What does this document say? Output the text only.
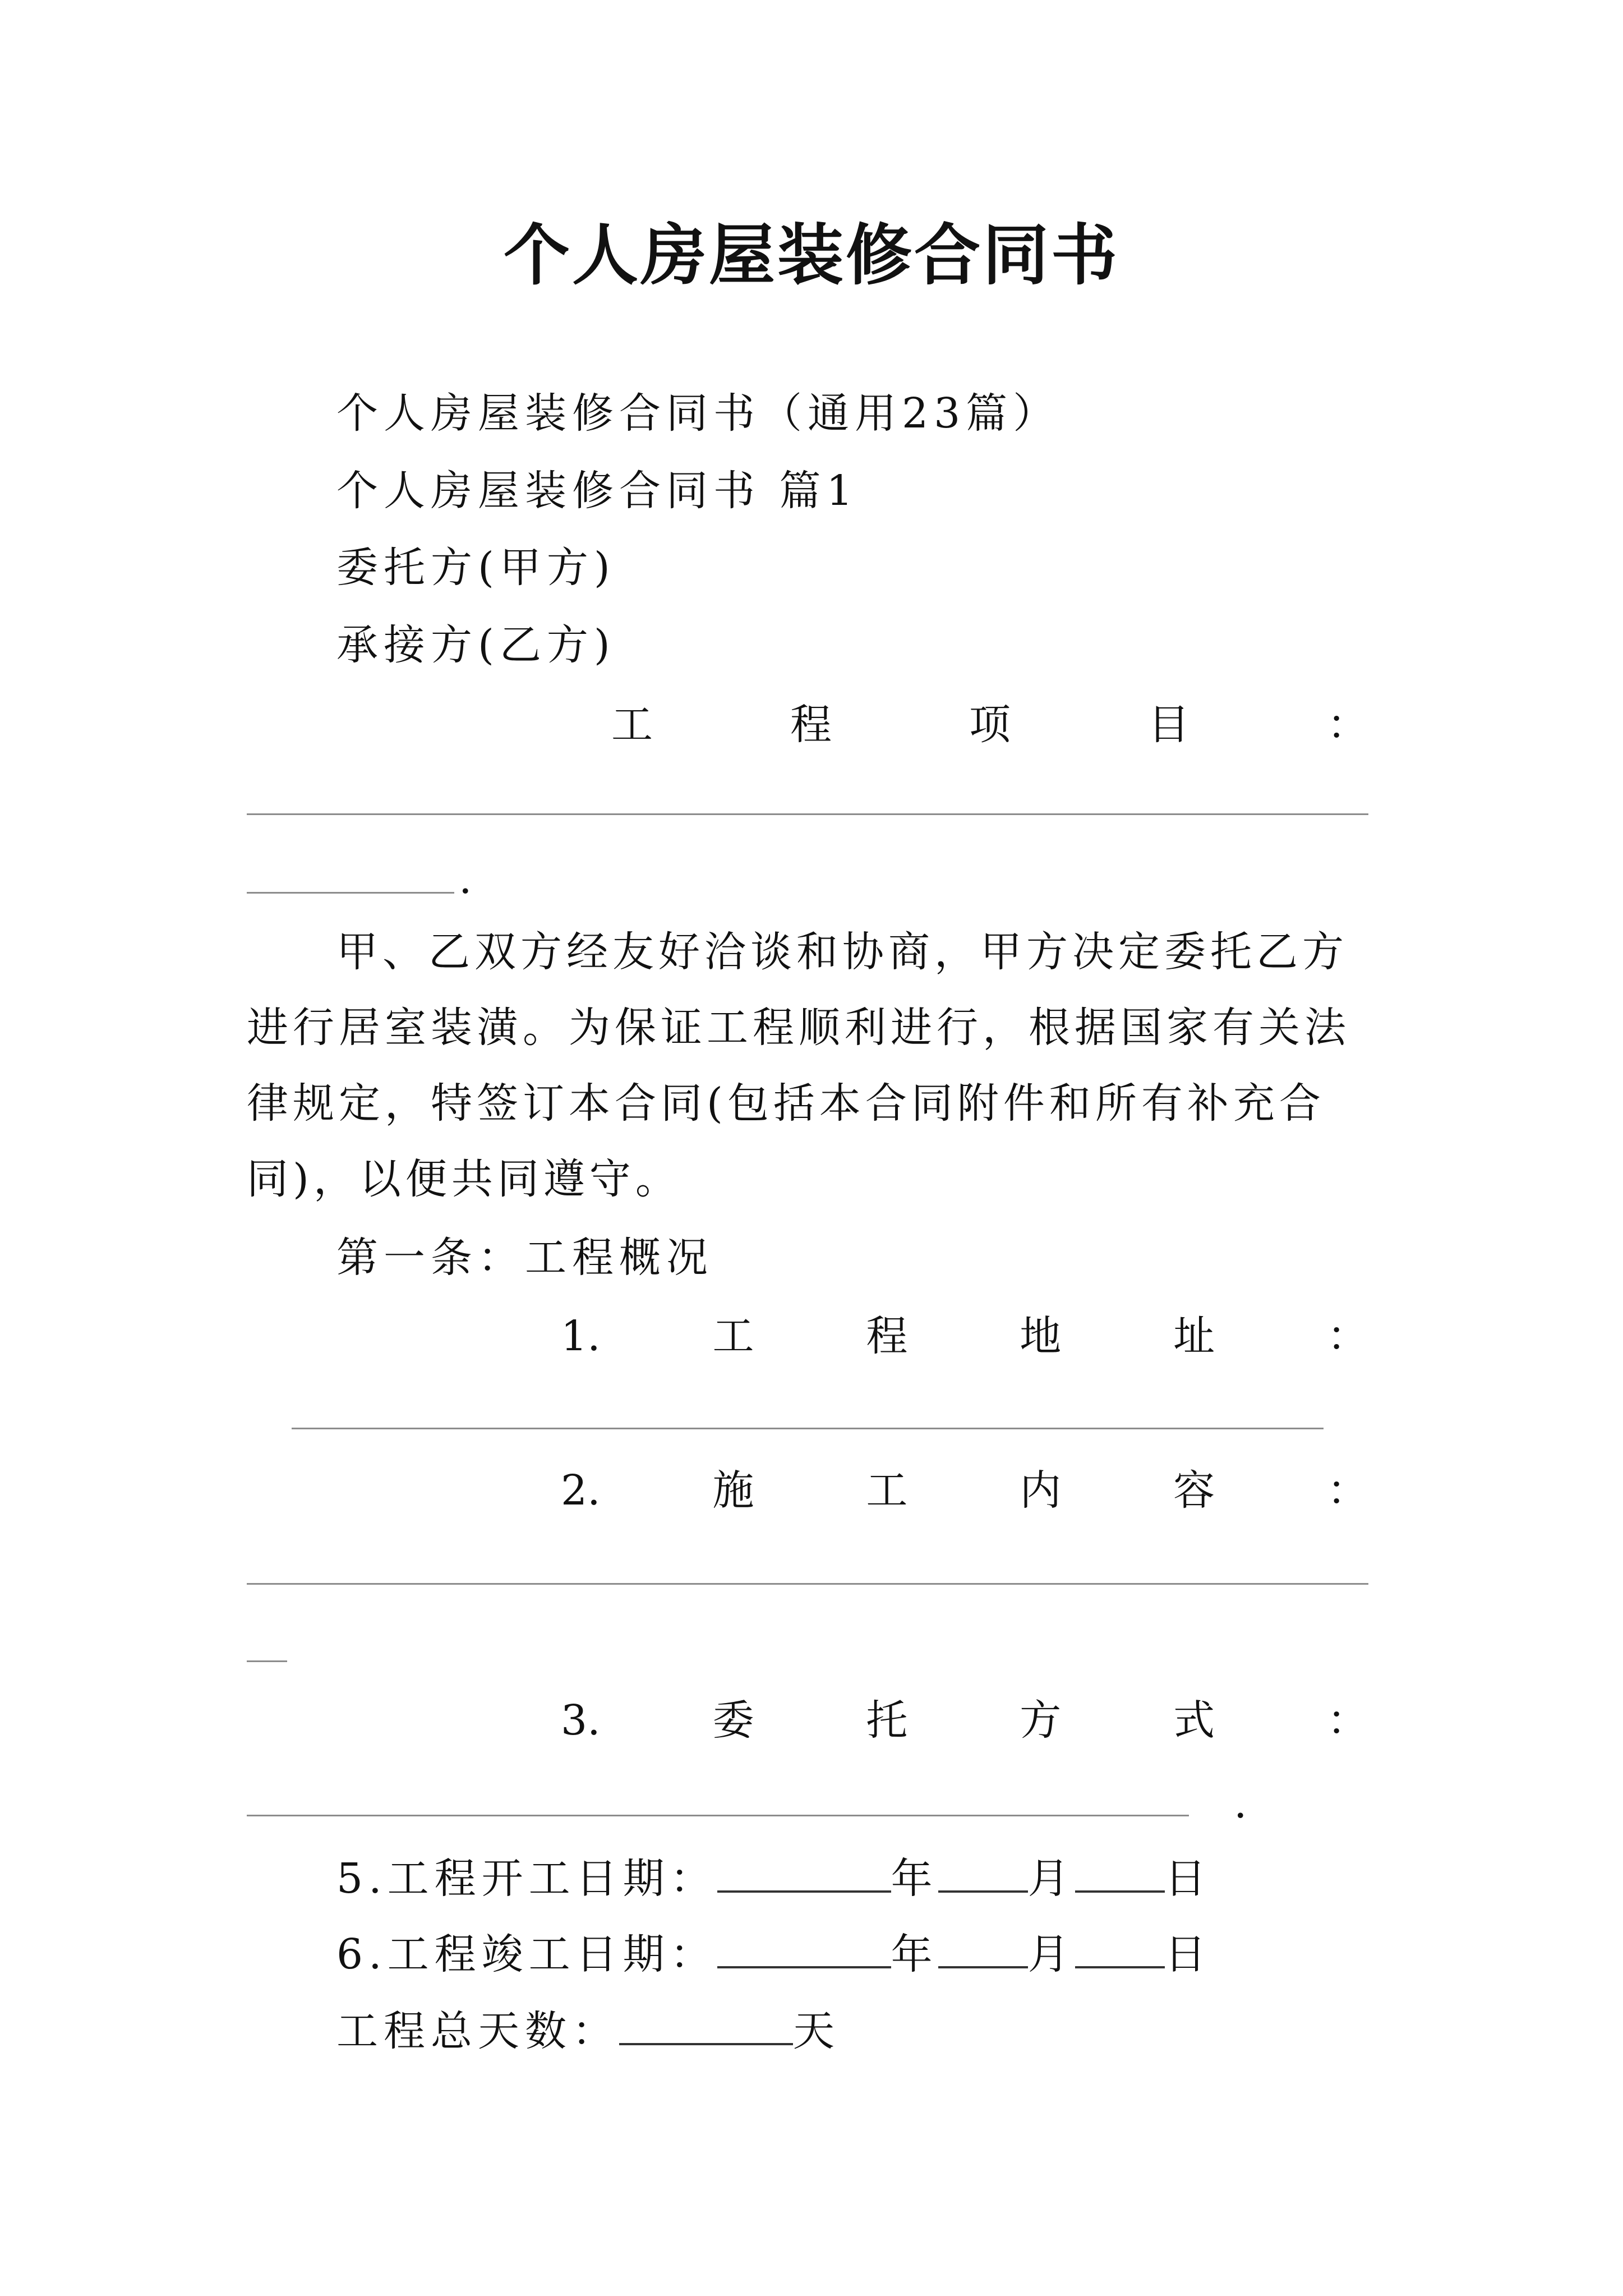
个人房屋装修合同书
个人房屋装修合同书（通用23篇）
个人房屋装修合同书 篇1
委托方(甲方)
承接方(乙方)
工	程	项	目	：
.
甲、乙双方经友好洽谈和协商，甲方决定委托乙方进行居室装潢。为保证工程顺利进行，根据国家有关法律规定，特签订本合同(包括本合同附件和所有补充合同)，以便共同遵守。
第一条：工程概况
1.	工	程	地	址	：
2.	施	工	内	容	：
3.	委	托	方	式	：
.
5.工程开工日期：	年 月 日
6.工程竣工日期：	年 月 日
工程总天数：	天
